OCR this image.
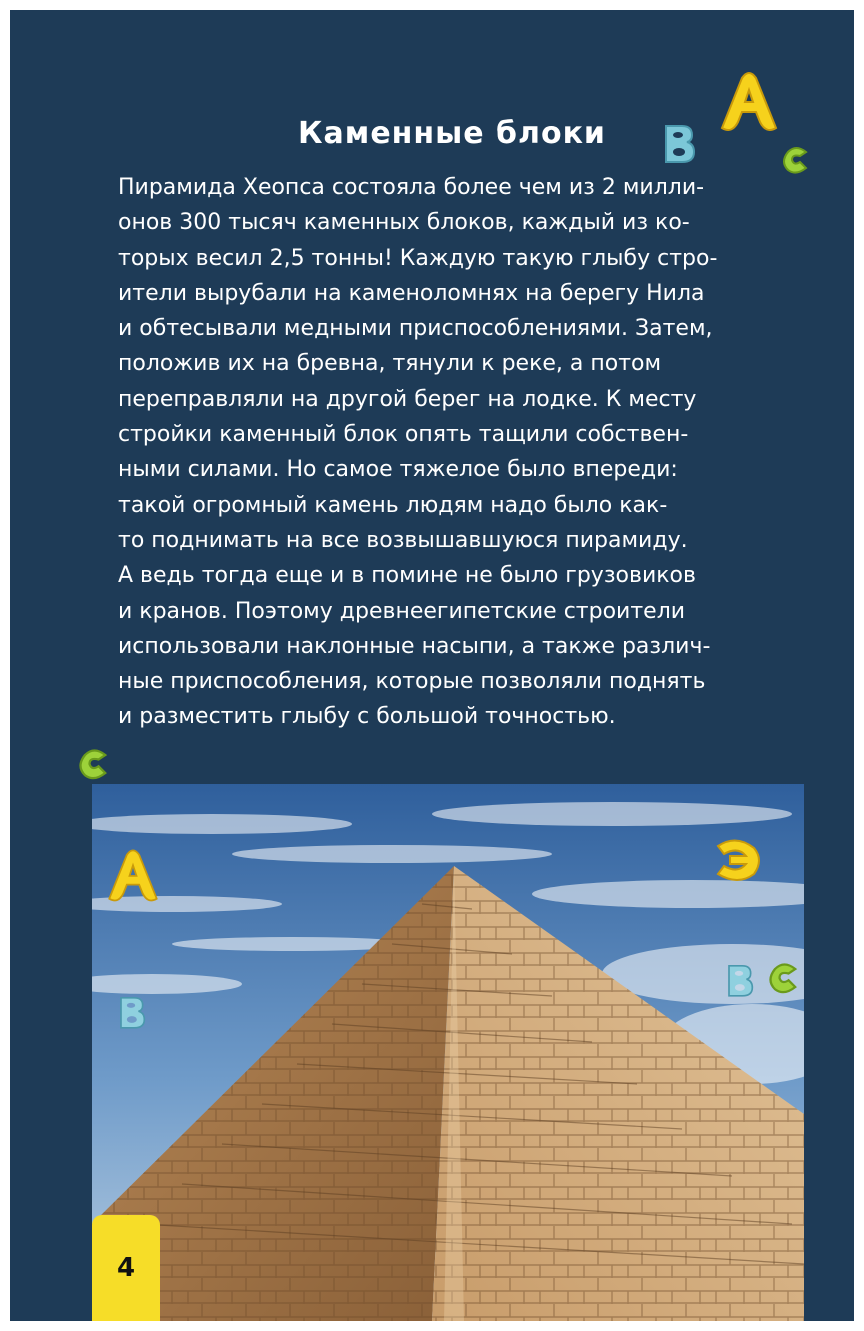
Каменные блоки

Пирамида Хеопса состояла более чем из 2 милли-
онов 300 тысяч каменных блоков, каждый из ко-
торых весил 2,5 тонны! Каждую такую глыбу стро-
ители вырубали на каменоломнях на берегу Нила
и обтесывали медными приспособлениями. Затем,
положив их на бревна, тянули к реке, а потом
переправляли на другой берег на лодке. К месту
стройки каменный блок опять тащили собствен-
ными силами. Но самое тяжелое было впереди:
такой огромный камень людям надо было как-
то поднимать на все возвышавшуюся пирамиду.
А ведь тогда еще и в помине не было грузовиков
и кранов. Поэтому древнеегипетские строители
использовали наклонные насыпи, а также различ-
ные приспособления, которые позволяли поднять
и разместить глыбу с большой точностью.

4
